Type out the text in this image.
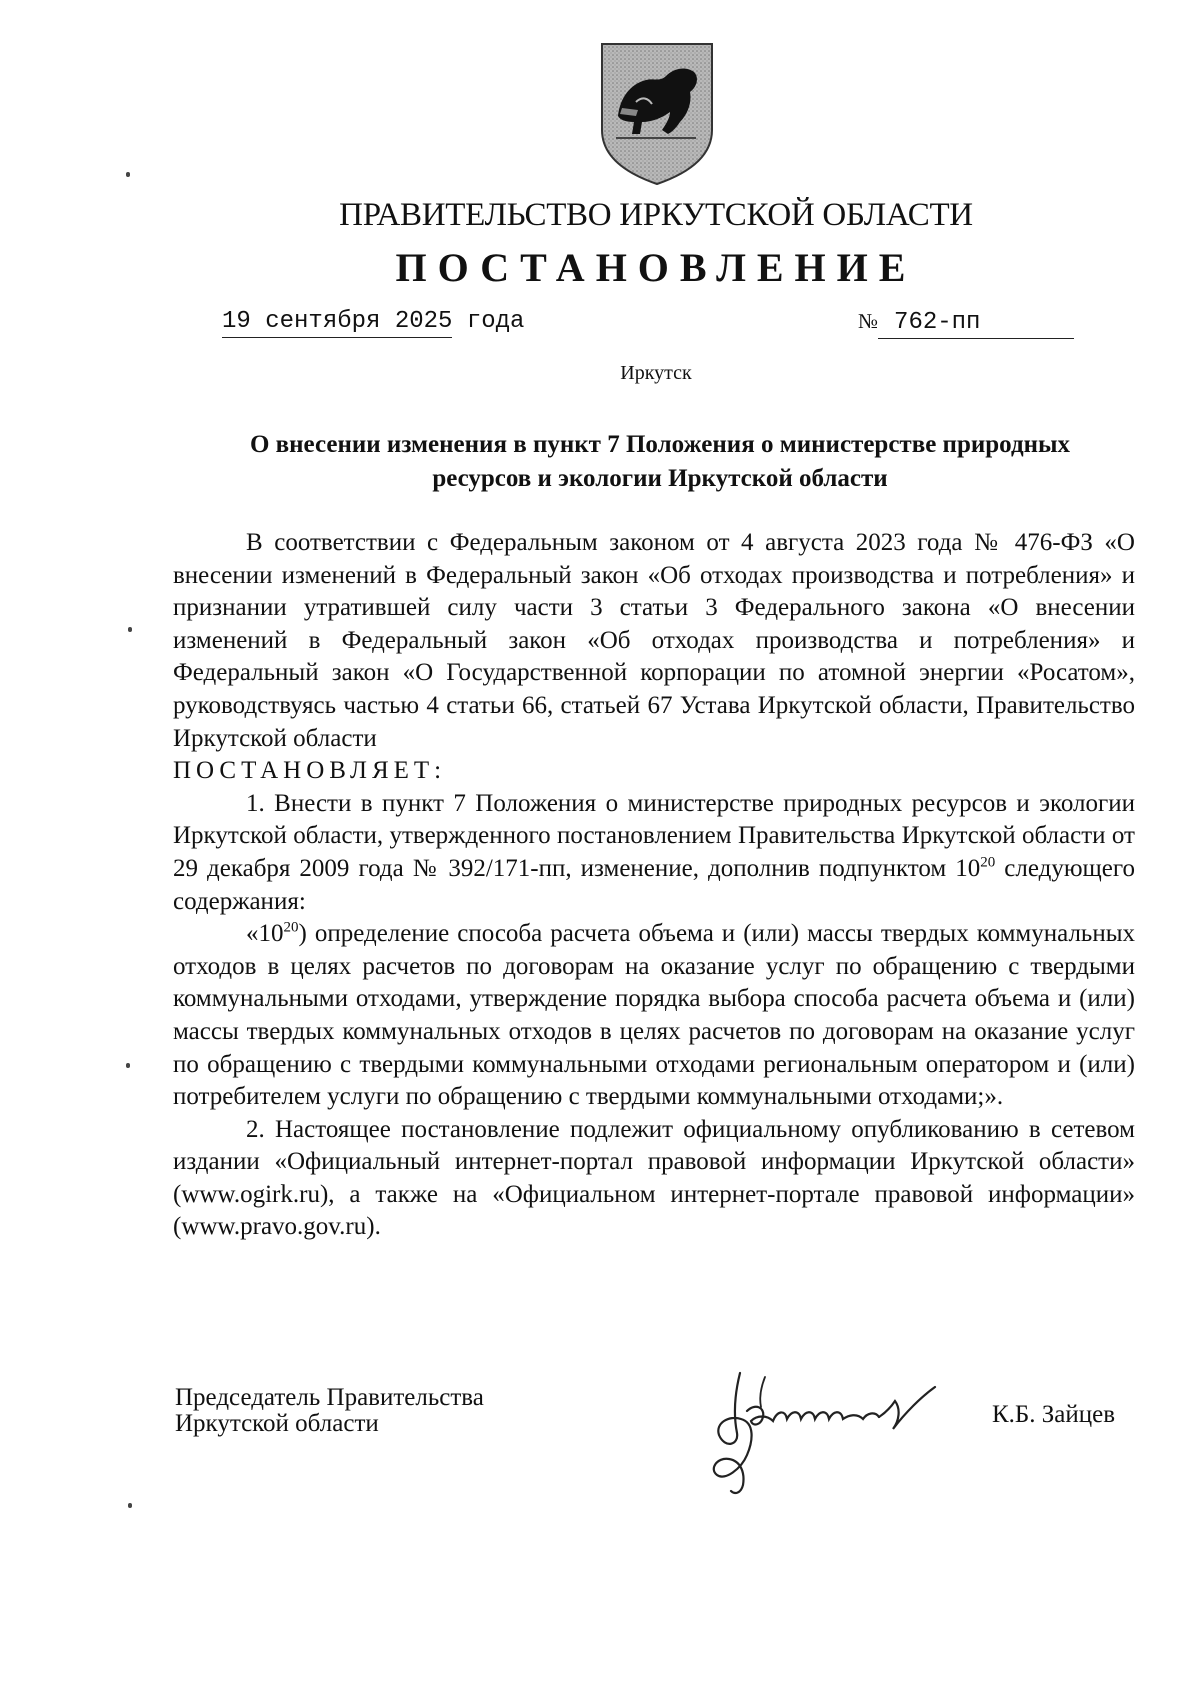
ПРАВИТЕЛЬСТВО ИРКУТСКОЙ ОБЛАСТИ
ПОСТАНОВЛЕНИЕ
19 сентября 2025 года	№ 762-пп
Иркутск
О внесении изменения в пункт 7 Положения о министерстве природных
ресурсов и экологии Иркутской области

В соответствии с Федеральным законом от 4 августа 2023 года № 476-ФЗ «О внесении изменений в Федеральный закон «Об отходах производства и потребления» и признании утратившей силу части 3 статьи 3 Федерального закона «О внесении изменений в Федеральный закон «Об отходах производства и потребления» и Федеральный закон «О Государственной корпорации по атомной энергии «Росатом», руководствуясь частью 4 статьи 66, статьей 67 Устава Иркутской области, Правительство Иркутской области

ПОСТАНОВЛЯЕТ:

1. Внести в пункт 7 Положения о министерстве природных ресурсов и экологии Иркутской области, утвержденного постановлением Правительства Иркутской области от 29 декабря 2009 года № 392/171-пп, изменение, дополнив подпунктом $10^{20}$ следующего содержания:

«$10^{20}$) определение способа расчета объема и (или) массы твердых коммунальных отходов в целях расчетов по договорам на оказание услуг по обращению с твердыми коммунальными отходами, утверждение порядка выбора способа расчета объема и (или) массы твердых коммунальных отходов в целях расчетов по договорам на оказание услуг по обращению с твердыми коммунальными отходами региональным оператором и (или) потребителем услуги по обращению с твердыми коммунальными отходами;».

2. Настоящее постановление подлежит официальному опубликованию в сетевом издании «Официальный интернет-портал правовой информации Иркутской области» (www.ogirk.ru), а также на «Официальном интернет-портале правовой информации» (www.pravo.gov.ru).

Председатель Правительства
Иркутской области	К.Б. Зайцев
